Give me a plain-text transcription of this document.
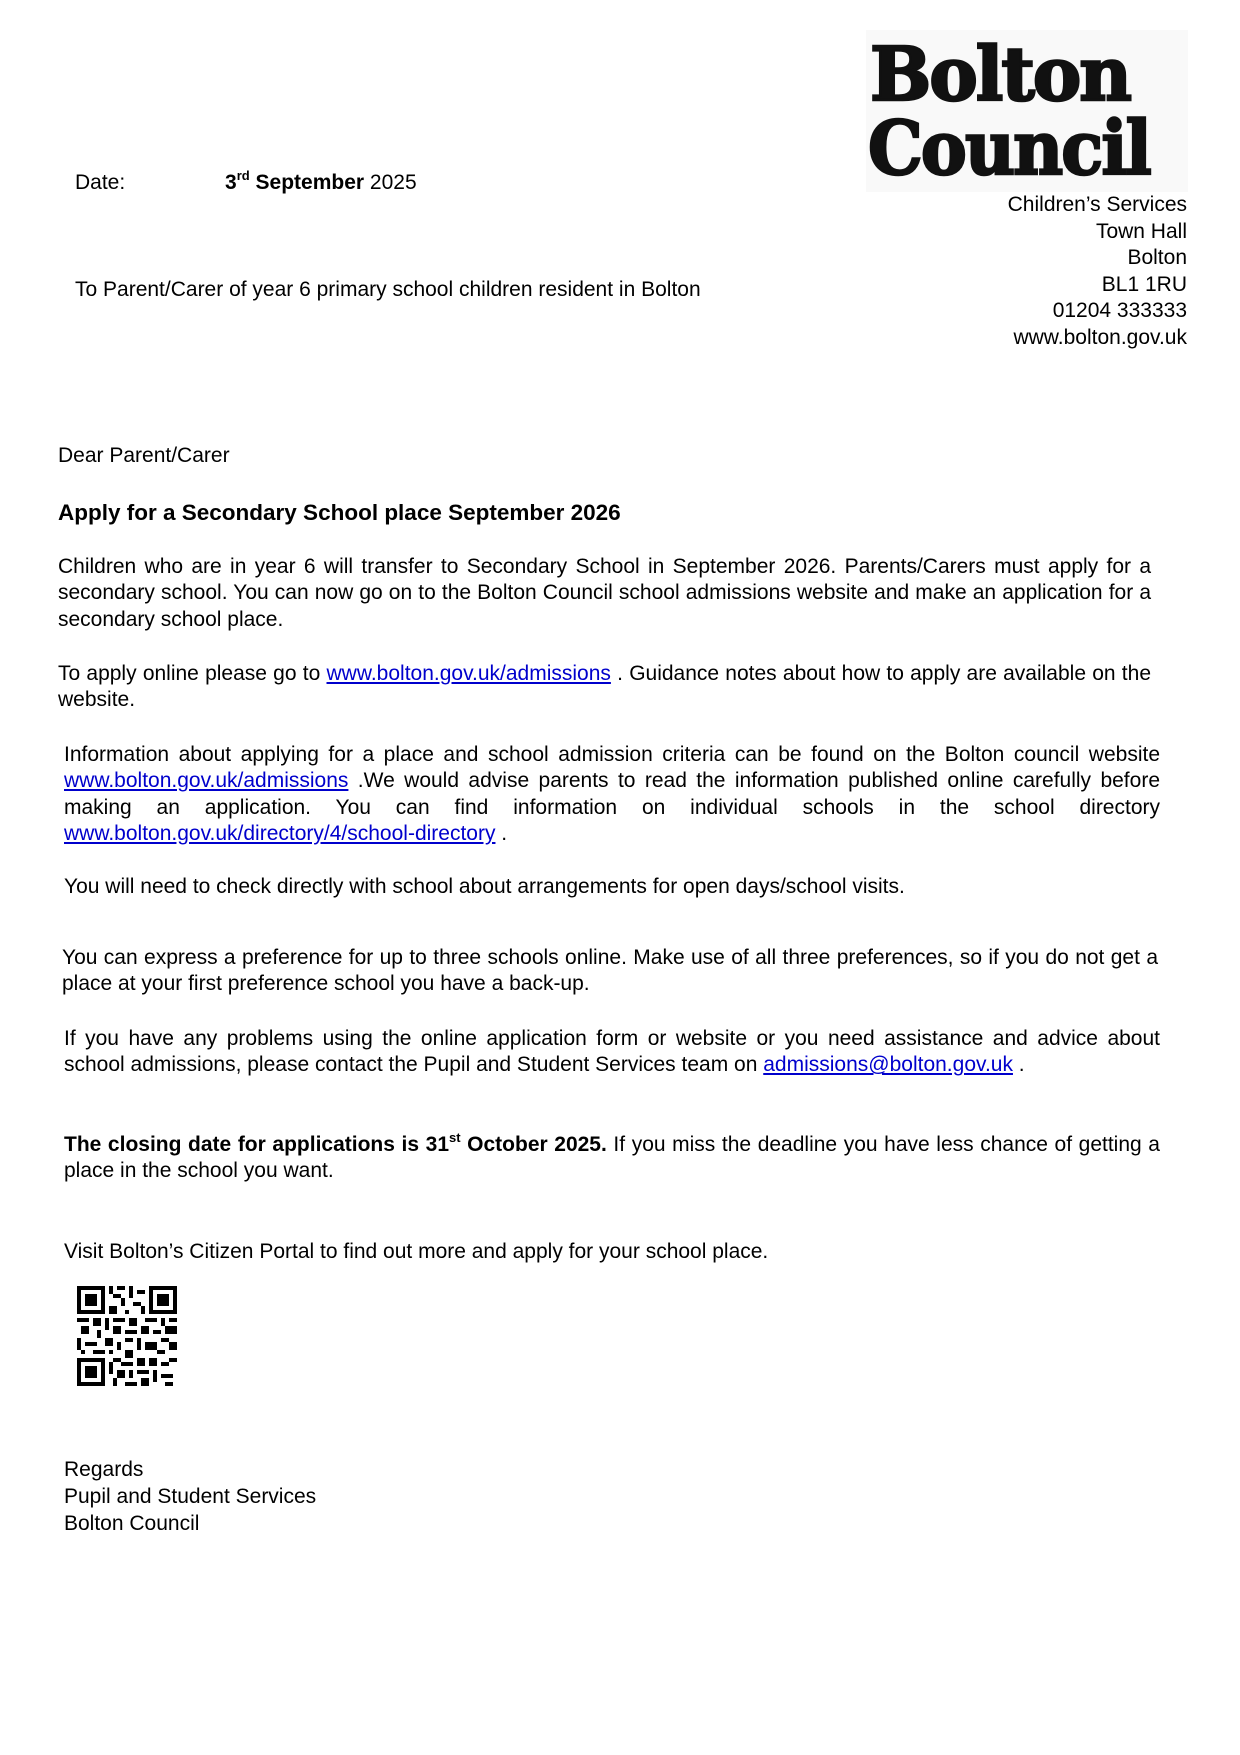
Bolton
Council
Children’s Services
Town Hall
Bolton
BL1 1RU
01204 333333
www.bolton.gov.uk
Date:	3rd September 2025
To Parent/Carer of year 6 primary school children resident in Bolton
Dear Parent/Carer
Apply for a Secondary School place September 2026
Children who are in year 6 will transfer to Secondary School in September 2026. Parents/Carers must apply for a secondary school. You can now go on to the Bolton Council school admissions website and make an application for a secondary school place.
To apply online please go to www.bolton.gov.uk/admissions . Guidance notes about how to apply are available on the website.
Information about applying for a place and school admission criteria can be found on the Bolton council website www.bolton.gov.uk/admissions .We would advise parents to read the information published online carefully before making an application. You can find information on individual schools in the school directory www.bolton.gov.uk/directory/4/school-directory .
You will need to check directly with school about arrangements for open days/school visits.
You can express a preference for up to three schools online. Make use of all three preferences, so if you do not get a place at your first preference school you have a back-up.
If you have any problems using the online application form or website or you need assistance and advice about school admissions, please contact the Pupil and Student Services team on admissions@bolton.gov.uk .
The closing date for applications is 31st October 2025. If you miss the deadline you have less chance of getting a place in the school you want.
Visit Bolton’s Citizen Portal to find out more and apply for your school place.
Regards
Pupil and Student Services
Bolton Council
